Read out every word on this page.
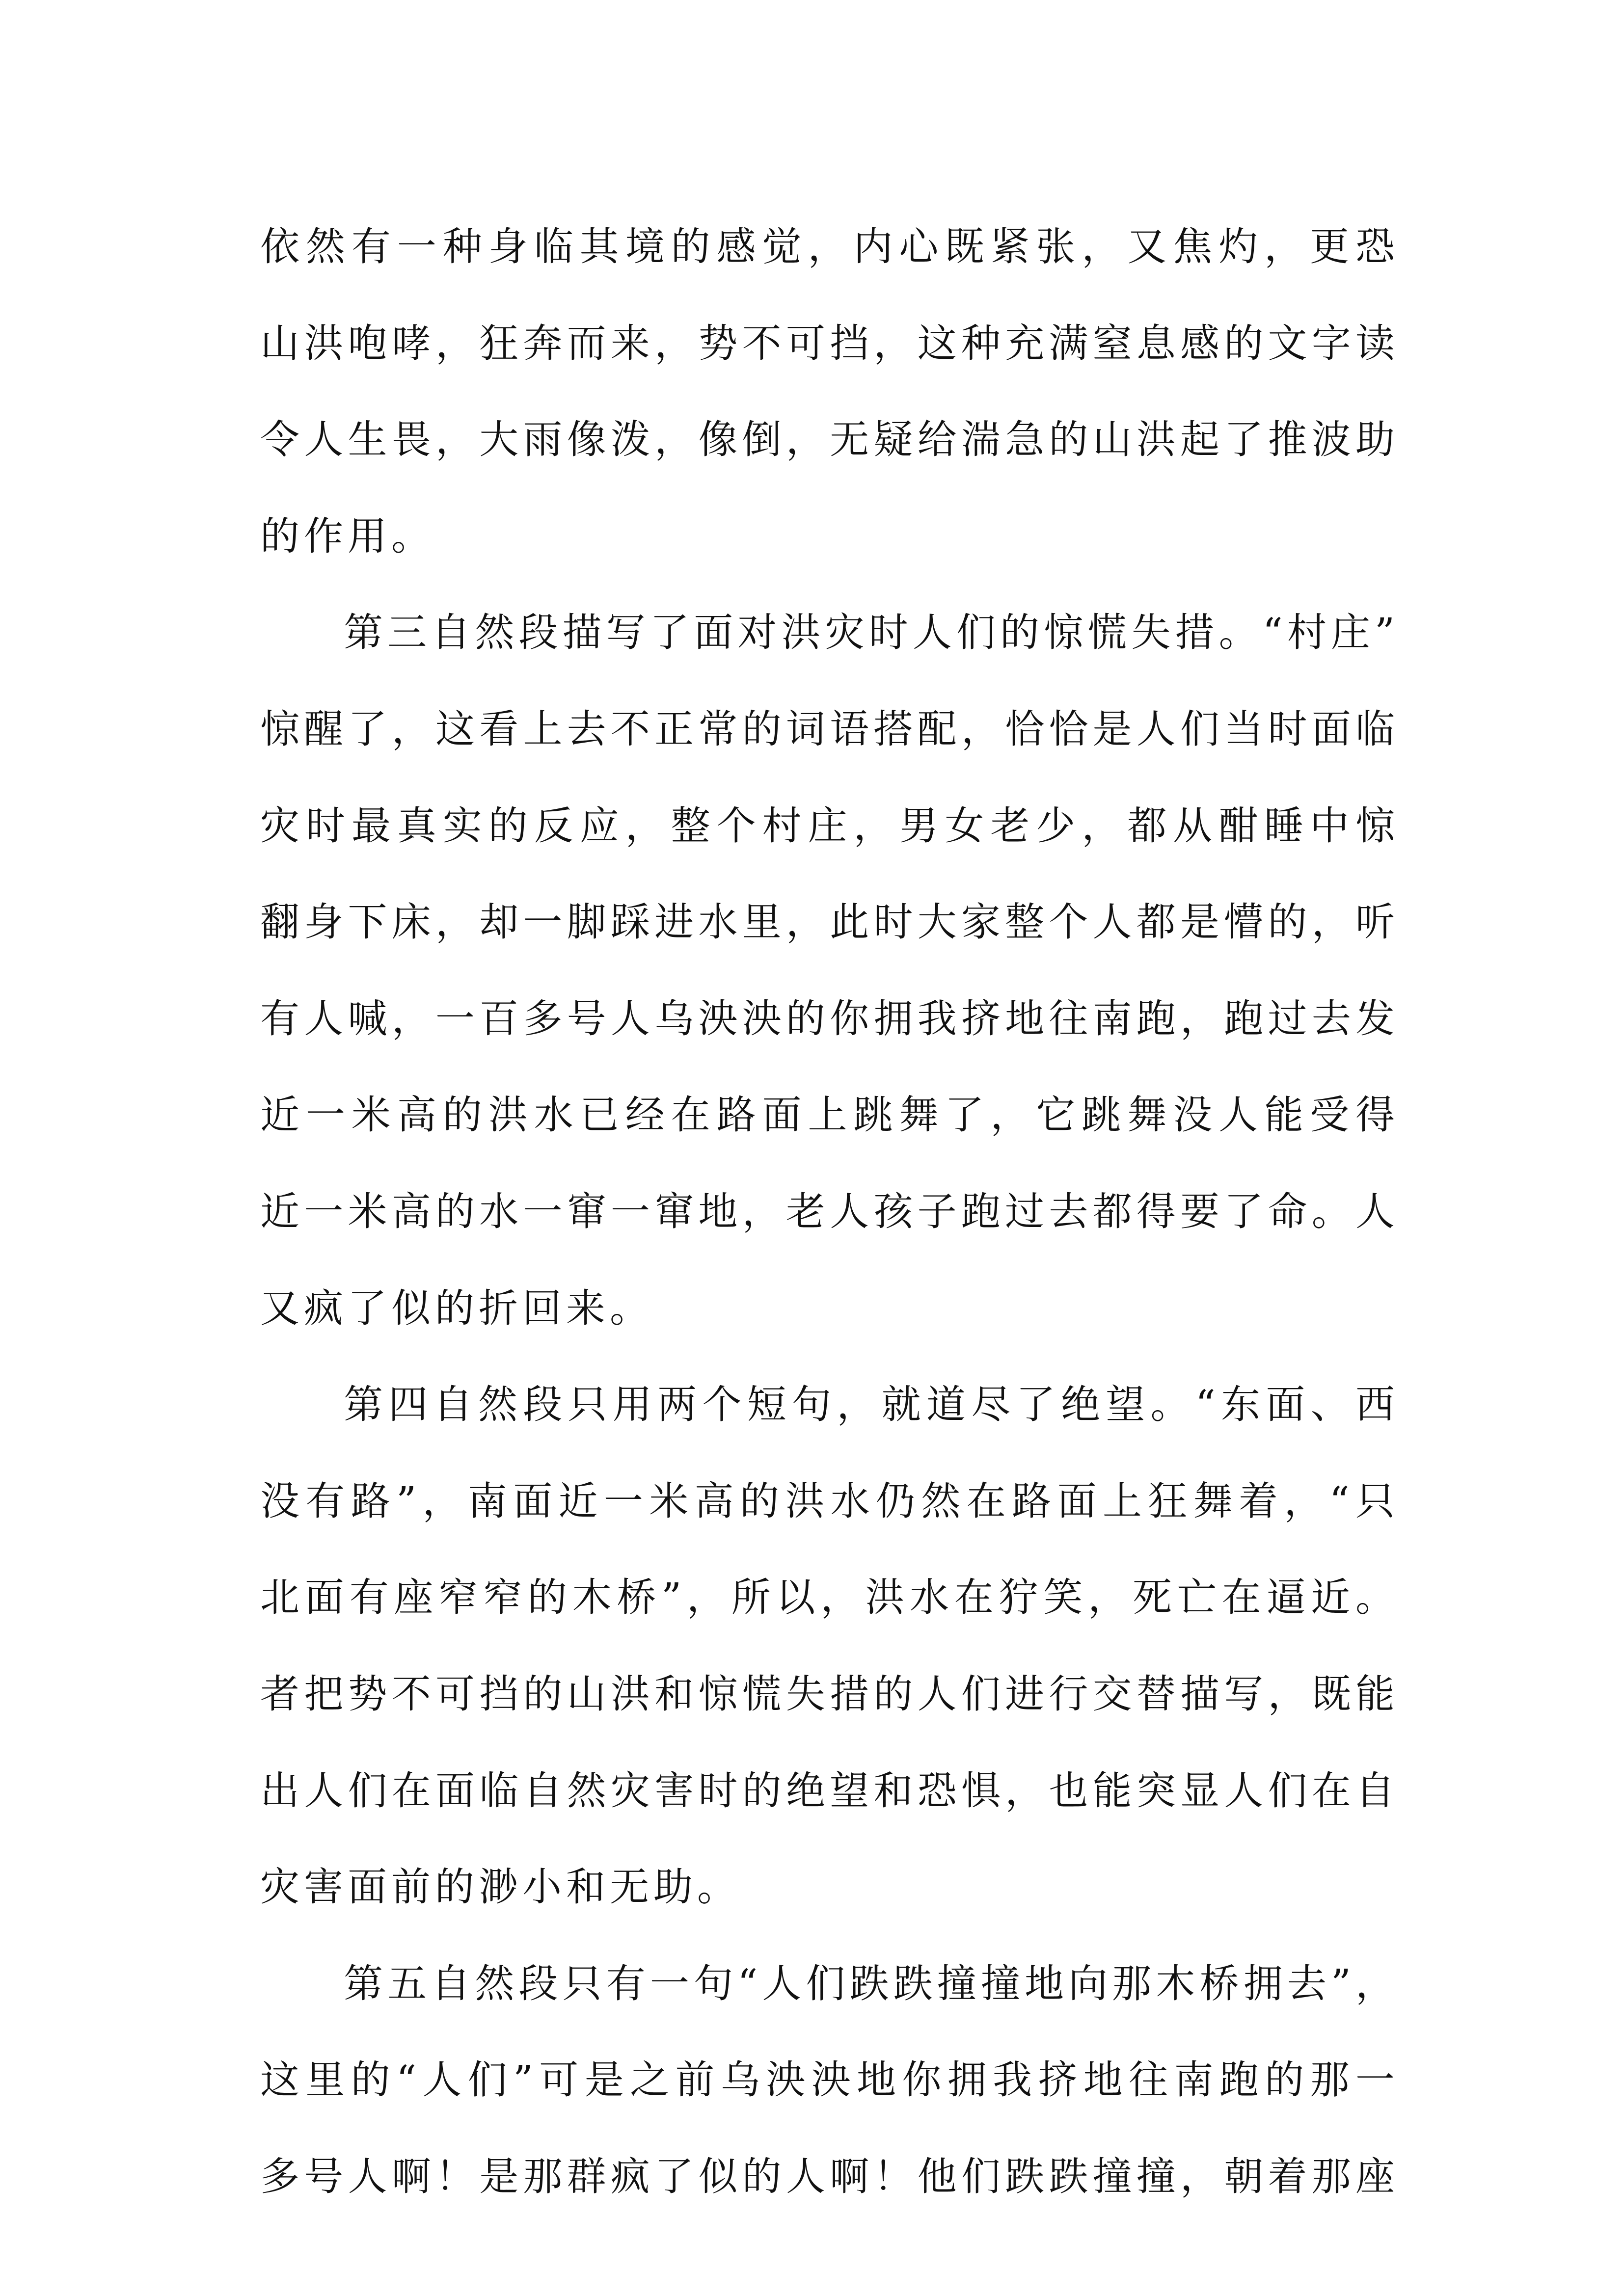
依然有一种身临其境的感觉，内心既紧张，又焦灼，更恐
山洪咆哮，狂奔而来，势不可挡，这种充满窒息感的文字读
令人生畏，大雨像泼，像倒，无疑给湍急的山洪起了推波助
的作用。
第三自然段描写了面对洪灾时人们的惊慌失措。“村庄”
惊醒了，这看上去不正常的词语搭配，恰恰是人们当时面临
灾时最真实的反应，整个村庄，男女老少，都从酣睡中惊
翻身下床，却一脚踩进水里，此时大家整个人都是懵的，听
有人喊，一百多号人乌泱泱的你拥我挤地往南跑，跑过去发
近一米高的洪水已经在路面上跳舞了，它跳舞没人能受得
近一米高的水一窜一窜地，老人孩子跑过去都得要了命。人
又疯了似的折回来。
第四自然段只用两个短句，就道尽了绝望。“东面、西
没有路”，南面近一米高的洪水仍然在路面上狂舞着，“只
北面有座窄窄的木桥”，所以，洪水在狞笑，死亡在逼近。
者把势不可挡的山洪和惊慌失措的人们进行交替描写，既能
出人们在面临自然灾害时的绝望和恐惧，也能突显人们在自
灾害面前的渺小和无助。
第五自然段只有一句“人们跌跌撞撞地向那木桥拥去”，
这里的“人们”可是之前乌泱泱地你拥我挤地往南跑的那一
多号人啊！是那群疯了似的人啊！他们跌跌撞撞，朝着那座
